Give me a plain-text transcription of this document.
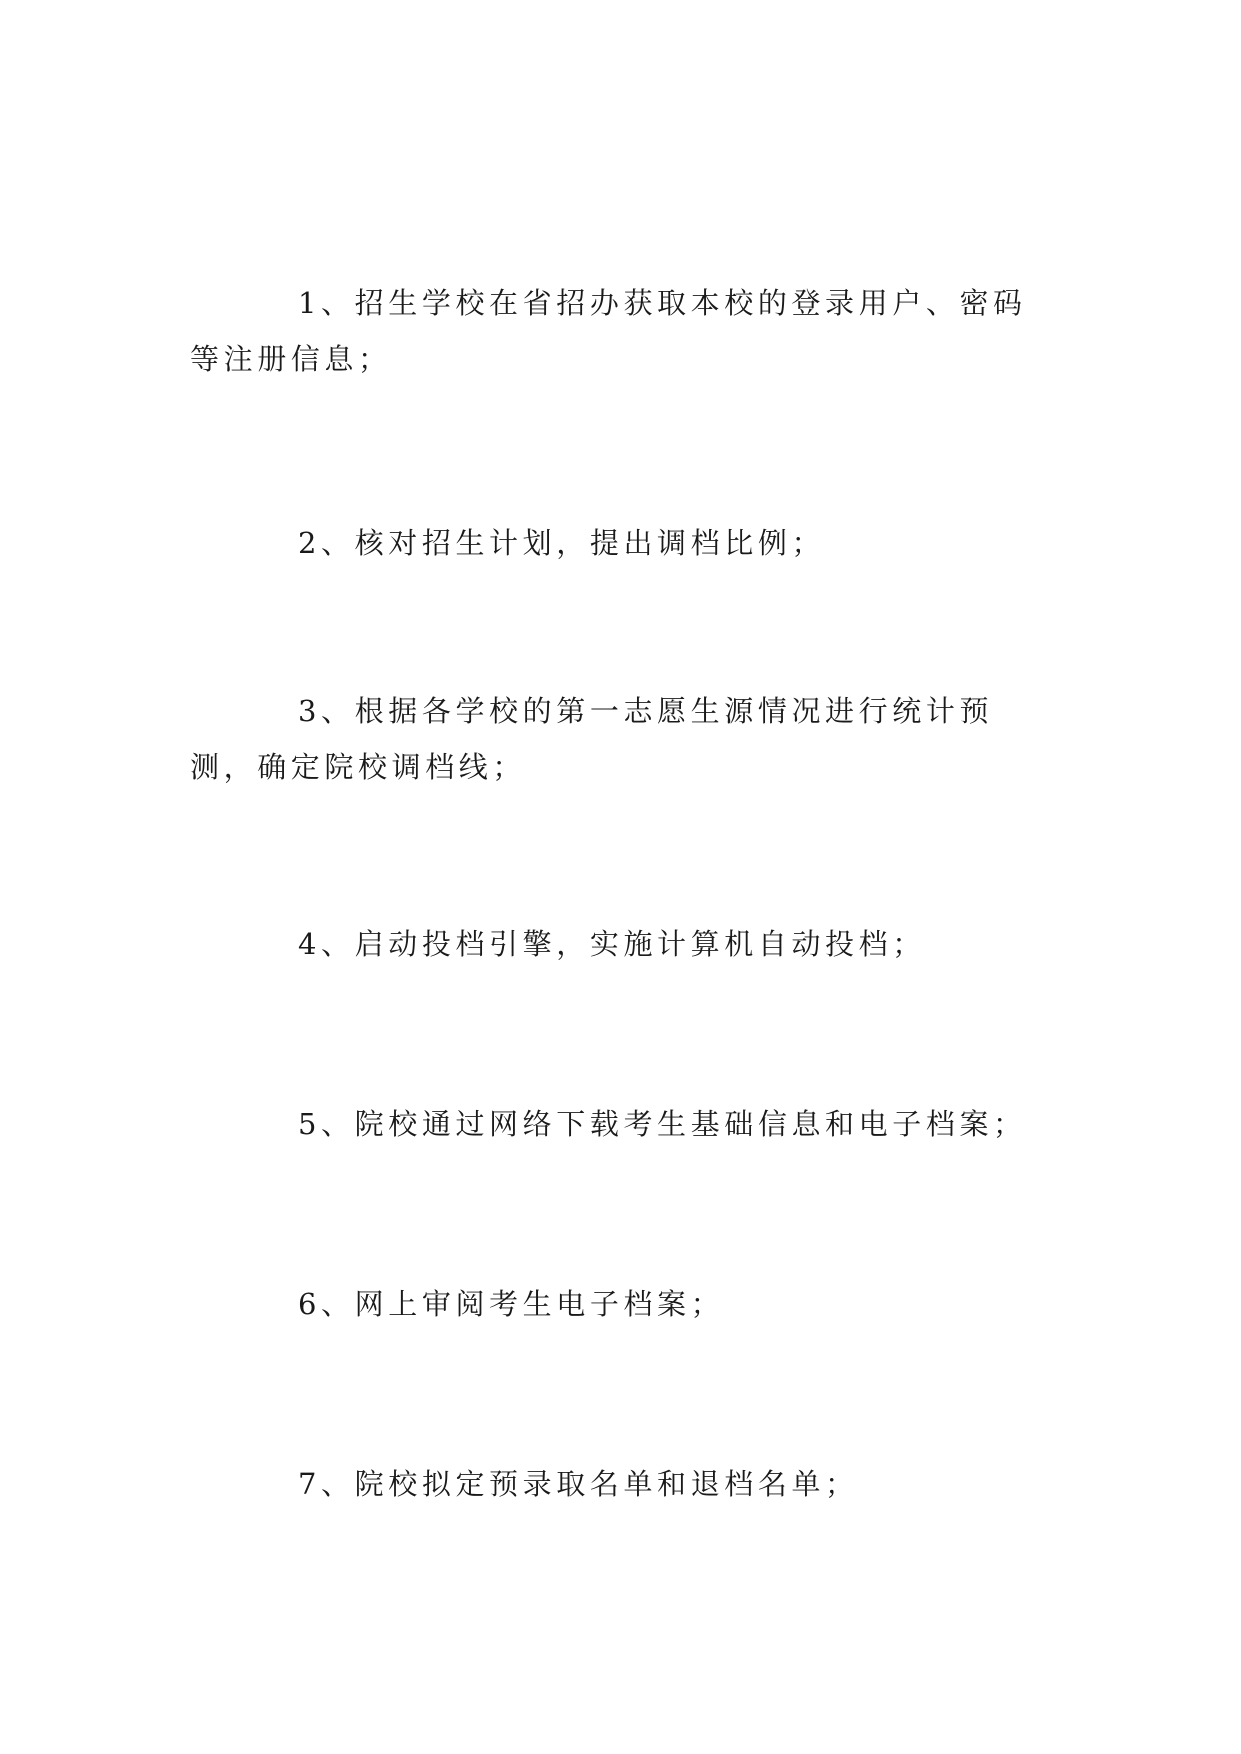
1、招生学校在省招办获取本校的登录用户、密码等注册信息；

2、核对招生计划，提出调档比例；

3、根据各学校的第一志愿生源情况进行统计预测，确定院校调档线；

4、启动投档引擎，实施计算机自动投档；

5、院校通过网络下载考生基础信息和电子档案；

6、网上审阅考生电子档案；

7、院校拟定预录取名单和退档名单；
